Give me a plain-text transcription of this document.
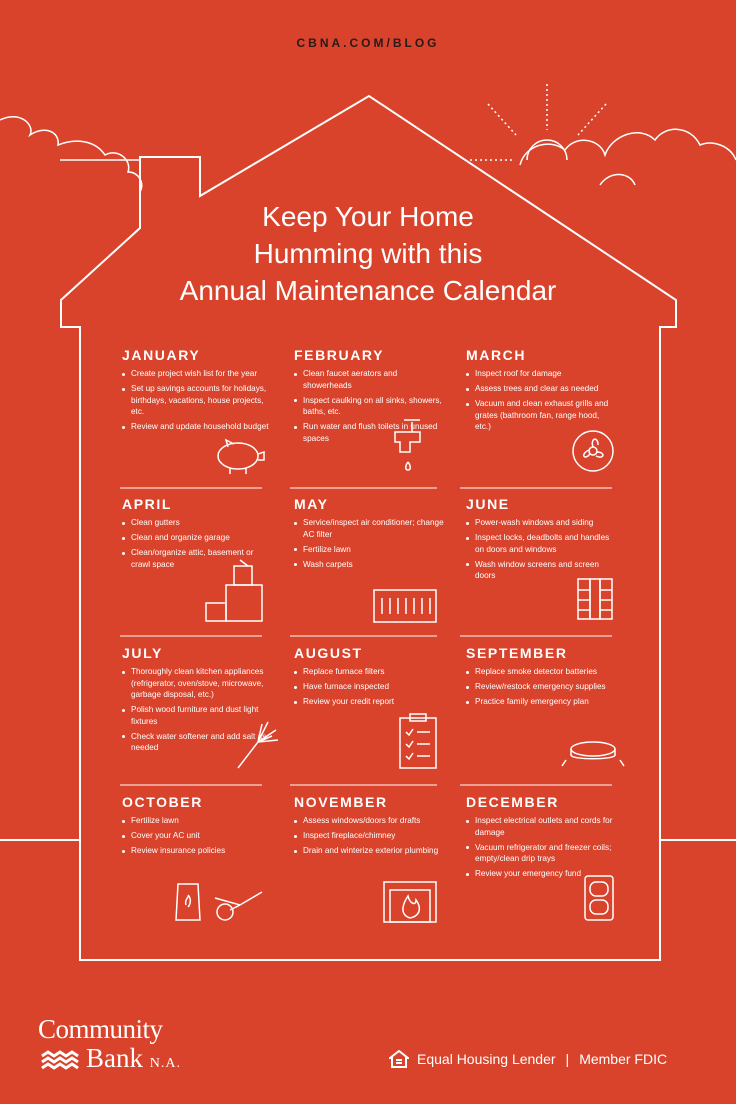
CBNA.COM/BLOG
Keep Your Home
Humming with this
Annual Maintenance Calendar
JANUARY
Create project wish list for the year
Set up savings accounts for holidays, birthdays, vacations, house projects, etc.
Review and update household budget
FEBRUARY
Clean faucet aerators and showerheads
Inspect caulking on all sinks, showers, baths, etc.
Run water and flush toilets in unused spaces
MARCH
Inspect roof for damage
Assess trees and clear as needed
Vacuum and clean exhaust grills and grates (bathroom fan, range hood, etc.)
APRIL
Clean gutters
Clean and organize garage
Clean/organize attic, basement or crawl space
MAY
Service/inspect air conditioner; change AC filter
Fertilize lawn
Wash carpets
JUNE
Power-wash windows and siding
Inspect locks, deadbolts and handles on doors and windows
Wash window screens and screen doors
JULY
Thoroughly clean kitchen appliances (refrigerator, oven/stove, microwave, garbage disposal, etc.)
Polish wood furniture and dust light fixtures
Check water softener and add salt as needed
AUGUST
Replace furnace filters
Have furnace inspected
Review your credit report
SEPTEMBER
Replace smoke detector batteries
Review/restock emergency supplies
Practice family emergency plan
OCTOBER
Fertilize lawn
Cover your AC unit
Review insurance policies
NOVEMBER
Assess windows/doors for drafts
Inspect fireplace/chimney
Drain and winterize exterior plumbing
DECEMBER
Inspect electrical outlets and cords for damage
Vacuum refrigerator and freezer coils; empty/clean drip trays
Review your emergency fund
Community
Bank N.A.	Equal Housing Lender | Member FDIC
